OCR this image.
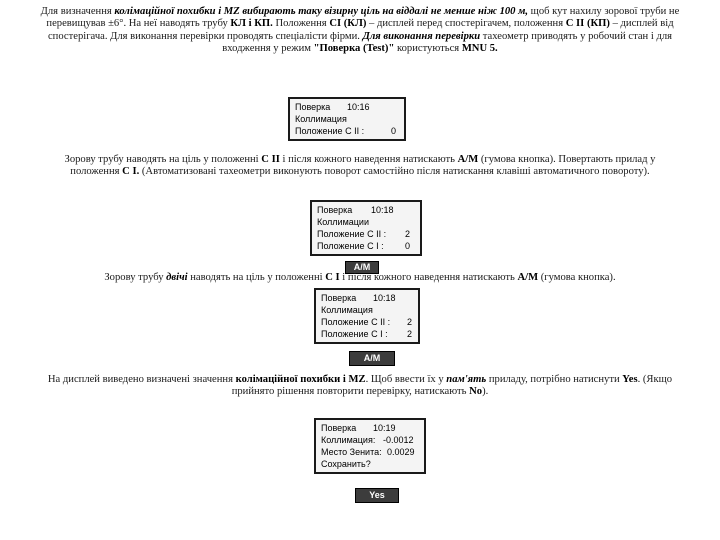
Для визначення колімаційної похибки і MZ вибирають таку візирну ціль на віддалі не менше ніж 100 м, щоб кут нахилу зорової труби не перевищував ±6°. На неї наводять трубу КЛ і КП. Положення CI (КЛ) – дисплей перед спостерігачем, положення C II (КП) – дисплей від спостерігача. Для виконання перевірки проводять спеціалісти фірми. Для виконання перевірки тахеометр приводять у робочий стан і для входження у режим "Поверка (Test)" користуються MNU 5.
Поверка 10:16
Коллимация
Положение C II :	0
Зорову трубу наводять на ціль у положенні C II і після кожного наведення натискають A/M (гумова кнопка). Повертають прилад у положення C I. (Автоматизовані тахеометри виконують поворот самостійно після натискання клавіші автоматичного повороту).
Поверка 10:18
Коллимации
Положение C II : 2
Положение C I : 0
A/M
Зорову трубу двічі наводять на ціль у положенні C I і після кожного наведення натискають A/M (гумова кнопка).
Поверка 10:18
Коллимация
Положение C II : 2
Положение C I : 2
A/M
На дисплей виведено визначені значення колімаційної похибки і MZ. Щоб ввести їх у пам'ять приладу, потрібно натиснути Yes. (Якщо прийнято рішення повторити перевірку, натискають No).
Поверка 10:19
Коллимация: -0.0012
Место Зенита: 0.0029
Сохранить?
Yes
